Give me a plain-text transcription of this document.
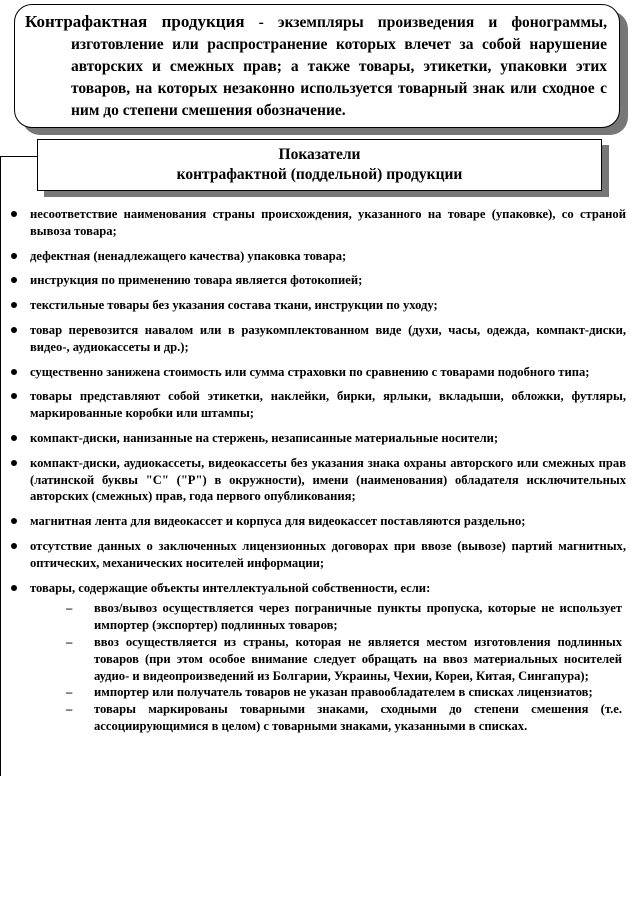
Контрафактная продукция - экземпляры произведения и фонограммы, изготовление или распространение которых влечет за собой нарушение авторских и смежных прав; а также товары, этикетки, упаковки этих товаров, на которых незаконно используется товарный знак или сходное с ним до степени смешения обозначение.
Показатели
контрафактной (поддельной) продукции
несоответствие наименования страны происхождения, указанного на товаре (упаковке), со страной вывоза товара;
дефектная (ненадлежащего качества) упаковка товара;
инструкция по применению товара является фотокопией;
текстильные товары без указания состава ткани, инструкции по уходу;
товар перевозится навалом или в разукомплектованном виде (духи, часы, одежда, компакт-диски, видео-, аудиокассеты и др.);
существенно занижена стоимость или сумма страховки по сравнению с товарами подобного типа;
товары представляют собой этикетки, наклейки, бирки, ярлыки, вкладыши, обложки, футляры, маркированные коробки или штампы;
компакт-диски, нанизанные на стержень, незаписанные материальные носители;
компакт-диски, аудиокассеты, видеокассеты без указания знака охраны авторского или смежных прав (латинской буквы "С" ("Р") в окружности), имени (наименования) обладателя исключительных авторских (смежных) прав, года первого опубликования;
магнитная лента для видеокассет и корпуса для видеокассет поставляются раздельно;
отсутствие данных о заключенных лицензионных договорах при ввозе (вывозе) партий магнитных, оптических, механических носителей информации;
товары, содержащие объекты интеллектуальной собственности, если:
– ввоз/вывоз осуществляется через пограничные пункты пропуска, которые не использует импортер (экспортер) подлинных товаров;
– ввоз осуществляется из страны, которая не является местом изготовления подлинных товаров (при этом особое внимание следует обращать на ввоз материальных носителей аудио- и видеопроизведений из Болгарии, Украины, Чехии, Кореи, Китая, Сингапура);
– импортер или получатель товаров не указан правообладателем в списках лицензиатов;
– товары маркированы товарными знаками, сходными до степени смешения (т.е. ассоциирующимися в целом) с товарными знаками, указанными в списках.
